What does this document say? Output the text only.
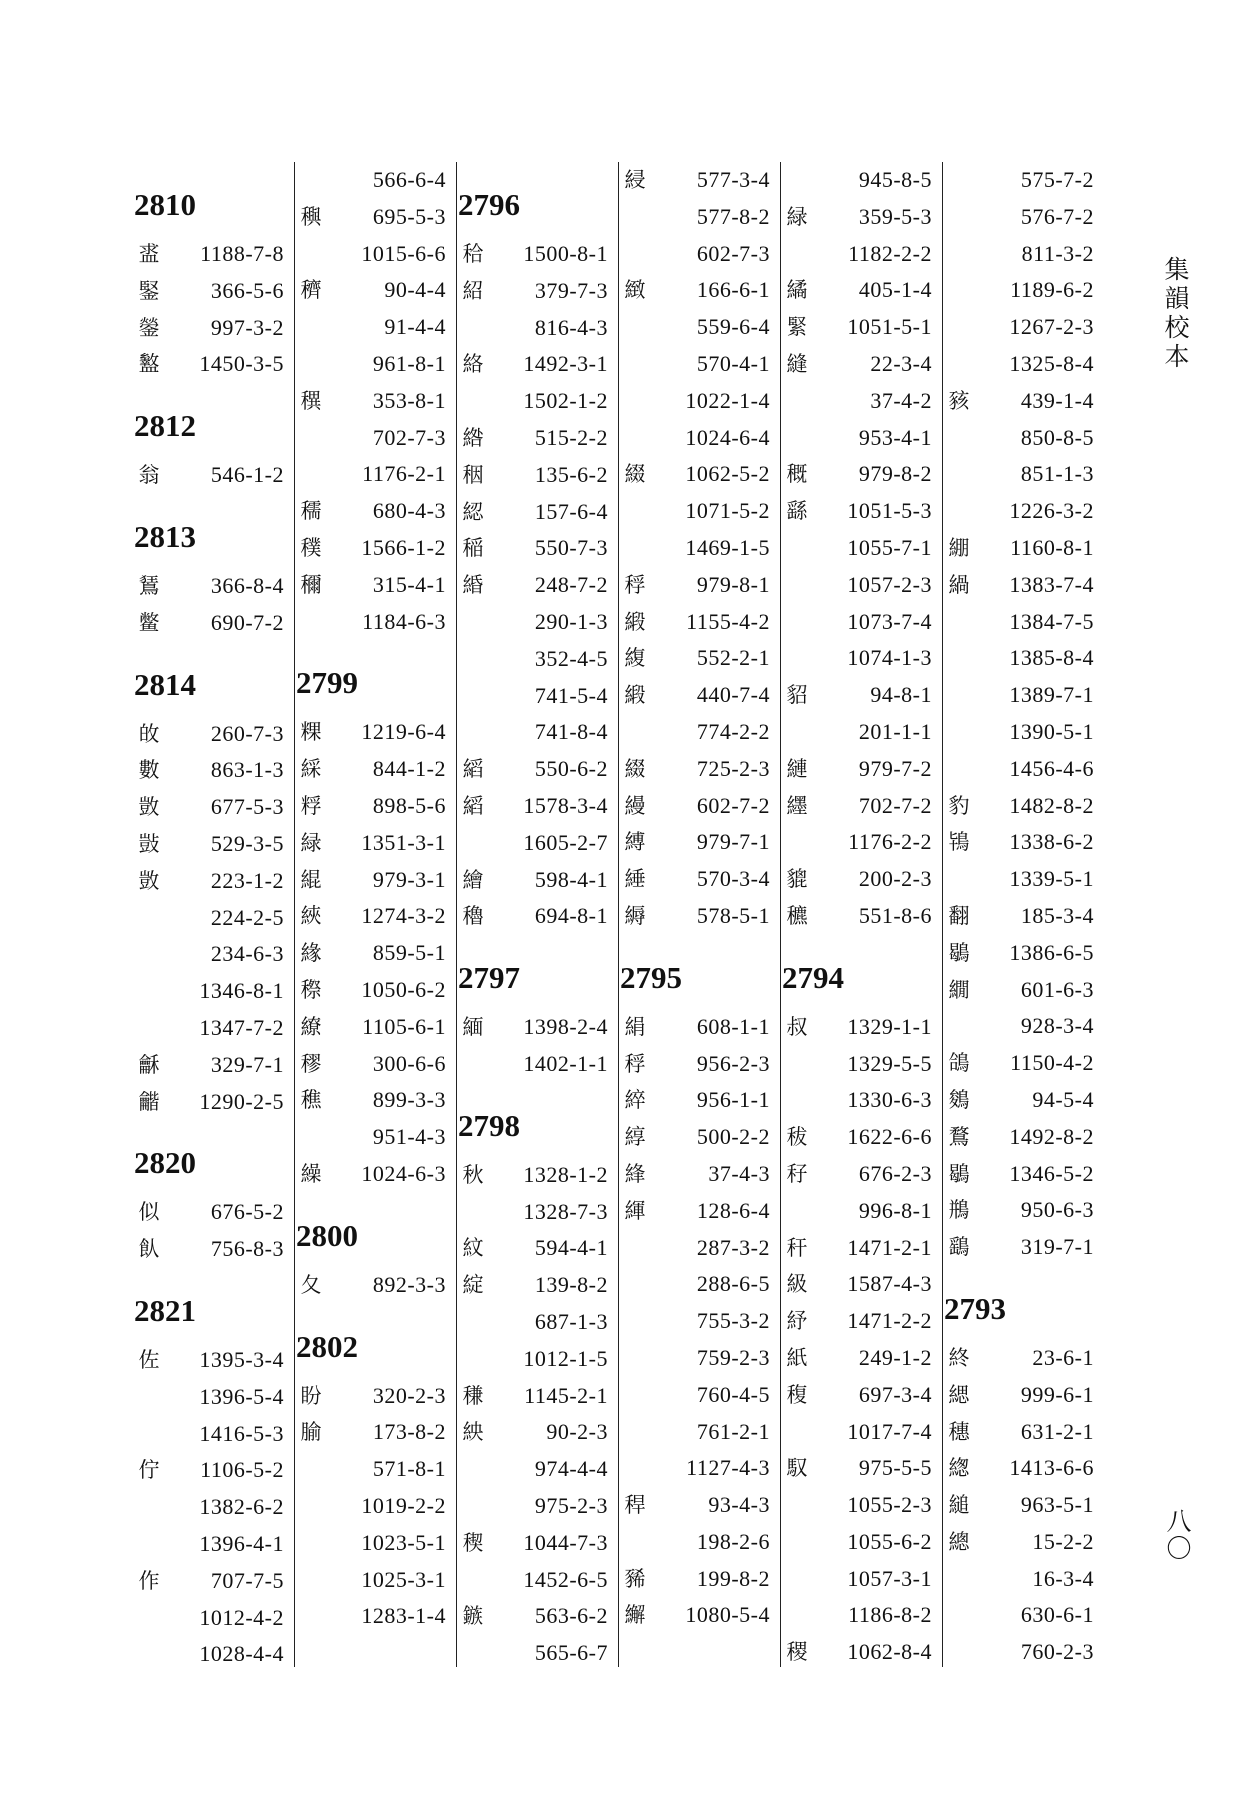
2810
盚 1188-7-8
鋻 366-5-6
鎣 997-3-2
盭 1450-3-5
2812
翁 546-1-2
2813
鵟 366-8-4
鳖 690-7-2
2814
敀 260-7-3
數 863-1-3
敳 677-5-3
敱 529-3-5
敳 223-1-2
224-2-5
234-6-3
1346-8-1
1347-7-2
龢 329-7-1
龤 1290-2-5
2820
似 676-5-2
飤 756-8-3
2821
佐 1395-3-4
1396-5-4
1416-5-3
佇 1106-5-2
1382-6-2
1396-4-1
作 707-7-5
1012-4-2
1028-4-4
566-6-4
穥 695-5-3
1015-6-6
穧	90-4-4
91-4-4
961-8-1
穓 353-8-1
702-7-3
1176-2-1
穤 680-4-3
穙 1566-1-2
穪 315-4-1
1184-6-3
2799
粿 1219-6-4
綵 844-1-2
粰 898-5-6
緑 1351-3-1
緄 979-3-1
綊 1274-3-2
緣 859-5-1
穄 1050-6-2
繚 1105-6-1
穋 300-6-6
穛 899-3-3
951-4-3
繰 1024-6-3
2800
夂 892-3-3
2802
盼 320-2-3
腧 173-8-2
571-8-1
1019-2-2
1023-5-1
1025-3-1
1283-1-4
2796
秴 1500-8-1
紹 379-7-3
816-4-3
絡 1492-3-1
1502-1-2
綹 515-2-2
秵 135-6-2
綛 157-6-4
稲 550-7-3
緍 248-7-2
290-1-3
352-4-5
741-5-4
741-8-4
縚 550-6-2
縚 1578-3-4
1605-2-7
繪 598-4-1
穭 694-8-1
2797
緬 1398-2-4
1402-1-1
2798
秋 1328-1-2
1328-7-3
紋 594-4-1
綻 139-8-2
687-1-3
1012-1-5
稴 1145-2-1
紻	90-2-3
974-4-4
975-2-3
稧 1044-7-3
1452-6-5
鏃 563-6-2
565-6-7
綅 577-3-4
577-8-2
602-7-3
緻 166-6-1
559-6-4
570-4-1
1022-1-4
1024-6-4
綴 1062-5-2
1071-5-2
1469-1-5
稃 979-8-1
緞 1155-4-2
緮 552-2-1
緞 440-7-4
774-2-2
綴 725-2-3
縵 602-7-2
縛 979-7-1
綞 570-3-4
縟 578-5-1
2795
絹 608-1-1
稃 956-2-3
綷 956-1-1
綧 500-2-2
綘	37-4-3
緷 128-6-4
287-3-2
288-6-5
755-3-2
759-2-3
760-4-5
761-2-1
1127-4-3
稈	93-4-3
198-2-6
豨 199-8-2
繲 1080-5-4
945-8-5
緑 359-5-3
1182-2-2
繘 405-1-4
緊 1051-5-1
縫	22-3-4
37-4-2
953-4-1
穊 979-8-2
繇 1051-5-3
1055-7-1
1057-2-3
1073-7-4
1074-1-3
貂	94-8-1
201-1-1
縺 979-7-2
纆 702-7-2
1176-2-2
貔 200-2-3
穮 551-8-6
2794
叔 1329-1-1
1329-5-5
1330-6-3
秡 1622-6-6
秄 676-2-3
996-8-1
秆 1471-2-1
級 1587-4-3
紓 1471-2-2
紙 249-1-2
稪 697-3-4
1017-7-4
馭 975-5-5
1055-2-3
1055-6-2
1057-3-1
1186-8-2
稷 1062-8-4
575-7-2
576-7-2
811-3-2
1189-6-2
1267-2-3
1325-8-4
豥 439-1-4
850-8-5
851-1-3
1226-3-2
綳 1160-8-1
緺 1383-7-4
1384-7-5
1385-8-4
1389-7-1
1390-5-1
1456-4-6
豹 1482-8-2
鴇 1338-6-2
1339-5-1
翻 185-3-4
鶡 1386-6-5
繝 601-6-3
928-3-4
鴿 1150-4-2
鵕	94-5-4
鶩 1492-8-2
鶡 1346-5-2
鵧 950-6-3
鷂 319-7-1
2793
終	23-6-1
緦 999-6-1
穗 631-2-1
緫 1413-6-6
縋 963-5-1
總	15-2-2
16-3-4
630-6-1
760-2-3
集韻校本
八〇
